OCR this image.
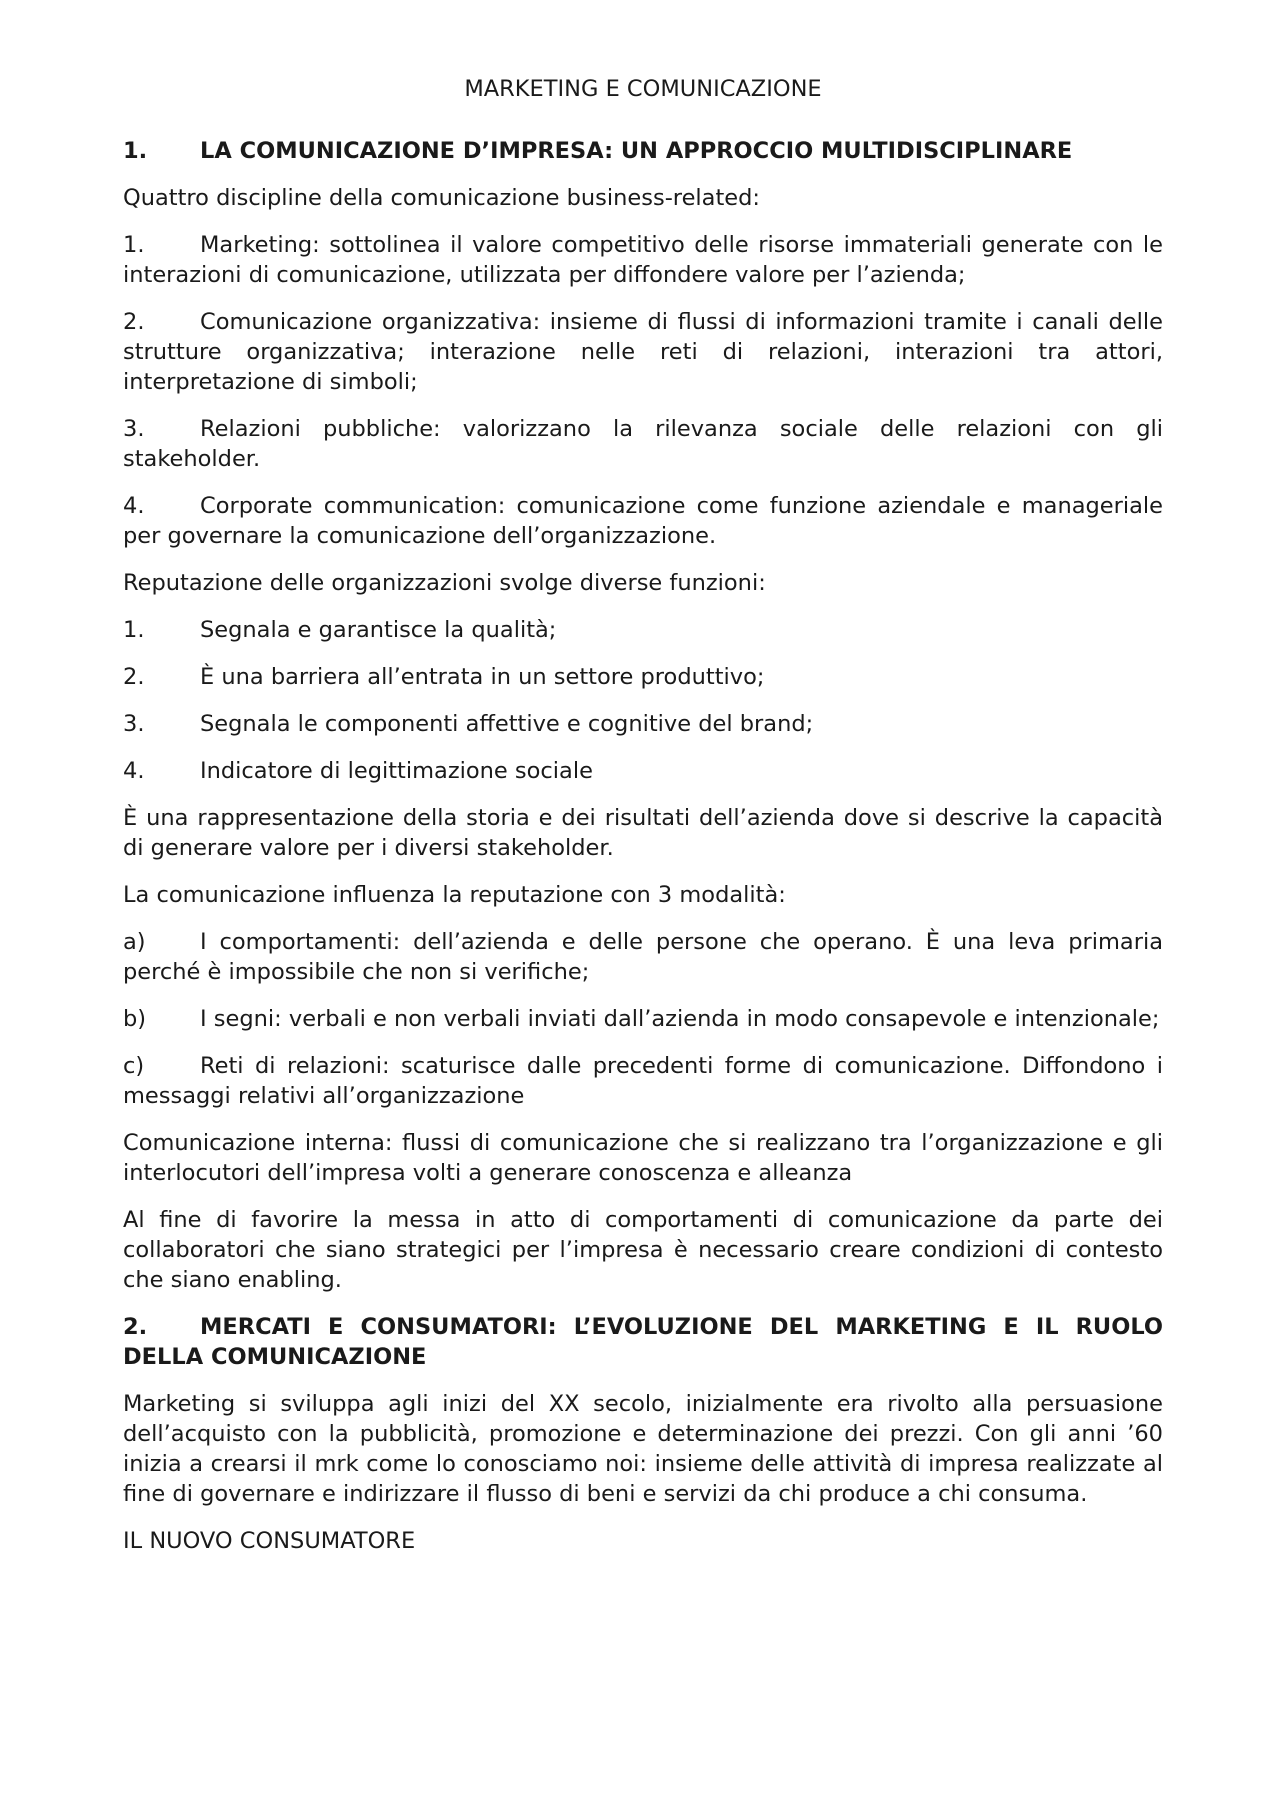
MARKETING E COMUNICAZIONE
1. LA COMUNICAZIONE D’IMPRESA: UN APPROCCIO MULTIDISCIPLINARE
Quattro discipline della comunicazione business-related:
1. Marketing: sottolinea il valore competitivo delle risorse immateriali generate con le interazioni di comunicazione, utilizzata per diffondere valore per l’azienda;
2. Comunicazione organizzativa: insieme di flussi di informazioni tramite i canali delle strutture organizzativa; interazione nelle reti di relazioni, interazioni tra attori, interpretazione di simboli;
3. Relazioni pubbliche: valorizzano la rilevanza sociale delle relazioni con gli stakeholder.
4. Corporate communication: comunicazione come funzione aziendale e manageriale per governare la comunicazione dell’organizzazione.
Reputazione delle organizzazioni svolge diverse funzioni:
1. Segnala e garantisce la qualità;
2. È una barriera all’entrata in un settore produttivo;
3. Segnala le componenti affettive e cognitive del brand;
4. Indicatore di legittimazione sociale
È una rappresentazione della storia e dei risultati dell’azienda dove si descrive la capacità di generare valore per i diversi stakeholder.
La comunicazione influenza la reputazione con 3 modalità:
a) I comportamenti: dell’azienda e delle persone che operano. È una leva primaria perché è impossibile che non si verifiche;
b) I segni: verbali e non verbali inviati dall’azienda in modo consapevole e intenzionale;
c) Reti di relazioni: scaturisce dalle precedenti forme di comunicazione. Diffondono i messaggi relativi all’organizzazione
Comunicazione interna: flussi di comunicazione che si realizzano tra l’organizzazione e gli interlocutori dell’impresa volti a generare conoscenza e alleanza
Al fine di favorire la messa in atto di comportamenti di comunicazione da parte dei collaboratori che siano strategici per l’impresa è necessario creare condizioni di contesto che siano enabling.
2. MERCATI E CONSUMATORI: L’EVOLUZIONE DEL MARKETING E IL RUOLO DELLA COMUNICAZIONE
Marketing si sviluppa agli inizi del XX secolo, inizialmente era rivolto alla persuasione dell’acquisto con la pubblicità, promozione e determinazione dei prezzi. Con gli anni ’60 inizia a crearsi il mrk come lo conosciamo noi: insieme delle attività di impresa realizzate al fine di governare e indirizzare il flusso di beni e servizi da chi produce a chi consuma.
IL NUOVO CONSUMATORE
